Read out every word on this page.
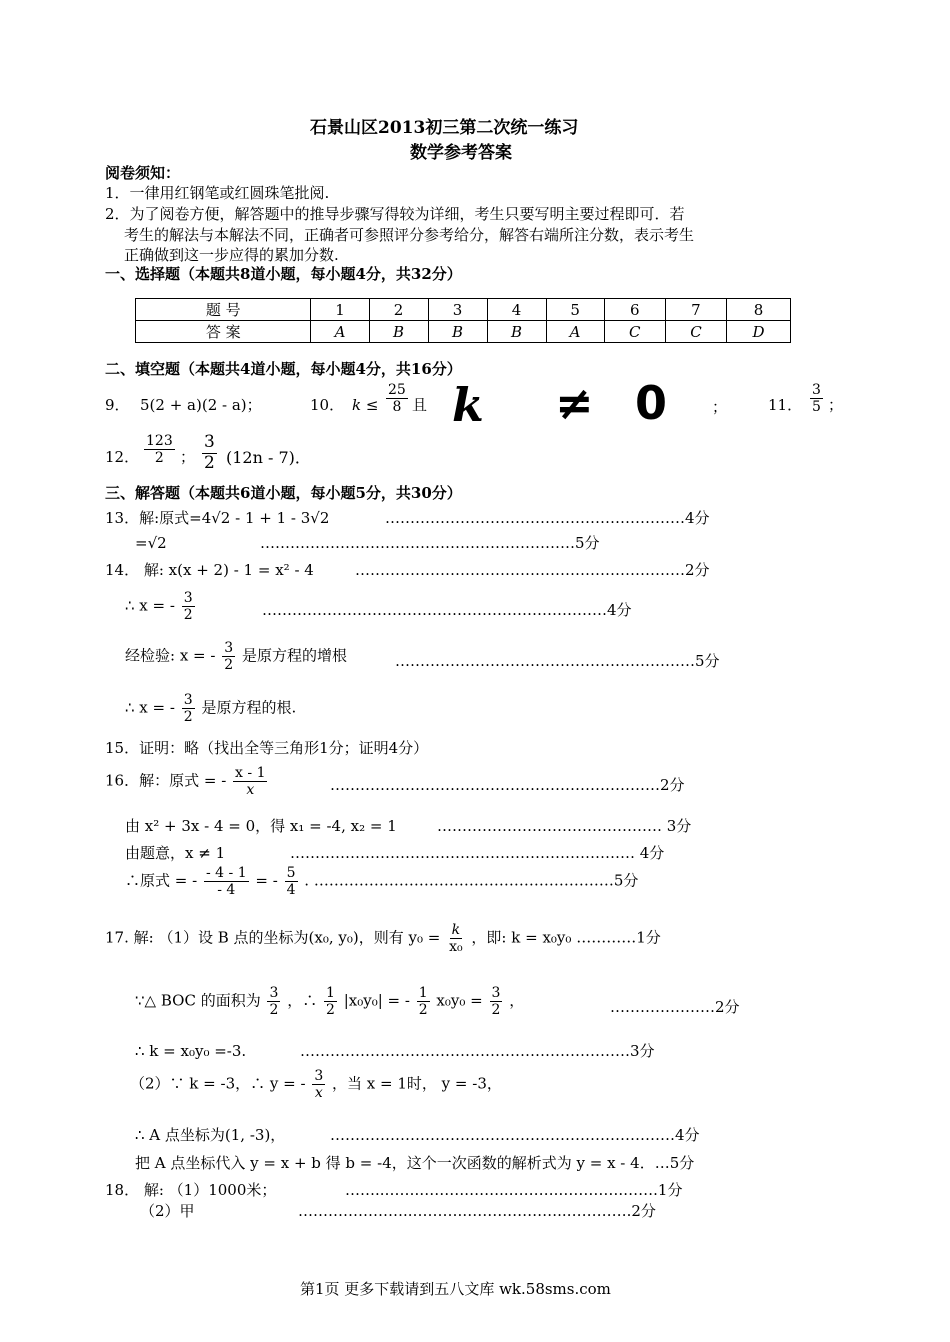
石景山区2013初三第二次统一练习
数学参考答案
阅卷须知：
1．一律用红钢笔或红圆珠笔批阅.
2．为了阅卷方便，解答题中的推导步骤写得较为详细，考生只要写明主要过程即可．若
考生的解法与本解法不同，正确者可参照评分参考给分，解答右端所注分数，表示考生
正确做到这一步应得的累加分数.
一、选择题（本题共8道小题，每小题4分，共32分）
题 号	1	2	3	4	5	6	7	8
答 案	A	B	B	B	A	C	C	D
二、填空题（本题共4道小题，每小题4分，共16分）
9． 5(2 + a)(2 - a)；	10． $k \le \frac{25}{8}$ 且 k ≠ 0	；	11． $\frac{3}{5}$ ；
12． $\frac{123}{2}$ ； $\frac{3}{2} (12n - 7)$．
三、解答题（本题共6道小题，每小题5分，共30分）
13．解:原式=4√2 - 1 + 1 - 3√2	……………………………………………………4分
=√2	………………………………………………………5分
14． 解: x(x + 2) - 1 = x² - 4	…………………………………………………………2分
∴ x = - $\frac{3}{2}$	……………………………………………………………4分
经检验: x = - $\frac{3}{2}$ 是原方程的增根	……………………………………………………5分
∴ x = - $\frac{3}{2}$ 是原方程的根.
15．证明：略（找出全等三角形1分；证明4分）
16．解：原式 = - $\frac{x - 1}{x}$	…………………………………………………………2分
由 x² + 3x - 4 = 0，得 x₁ = -4, x₂ = 1	……………………………………… 3分
由题意，x ≠ 1	…………………………………………………………… 4分
∴原式 = - $\frac{- 4 - 1}{- 4}$ = - $\frac{5}{4}$ . ……………………………………………………5分
17. 解: （1）设 B 点的坐标为(x₀, y₀)，则有 $y_0 = \frac{k}{\text{x₀}}$ ，即: k = x₀y₀ …………1分
∵△ BOC 的面积为 $\frac{3}{2}$ ，∴ $\frac{1}{2} |x_0y_0|$ = - $\frac{1}{2} x_0y_0 = \frac{3}{2}$ ，	…………………2分
∴ k = x₀y₀ =-3.	…………………………………………………………3分
（2）∵ k = -3，∴ y = - $\frac{3}{x}$ ，当 x = 1时， y = -3，
∴ A 点坐标为(1, -3)，	……………………………………………………………4分
把 A 点坐标代入 y = x + b 得 b = -4，这个一次函数的解析式为 y = x - 4．…5分
18． 解: （1）1000米；	……..…….……….……..……….………….…….1分
（2）甲	…………………..……….……….………..………….2分
第1页 更多下载请到五八文库 wk.58sms.com
